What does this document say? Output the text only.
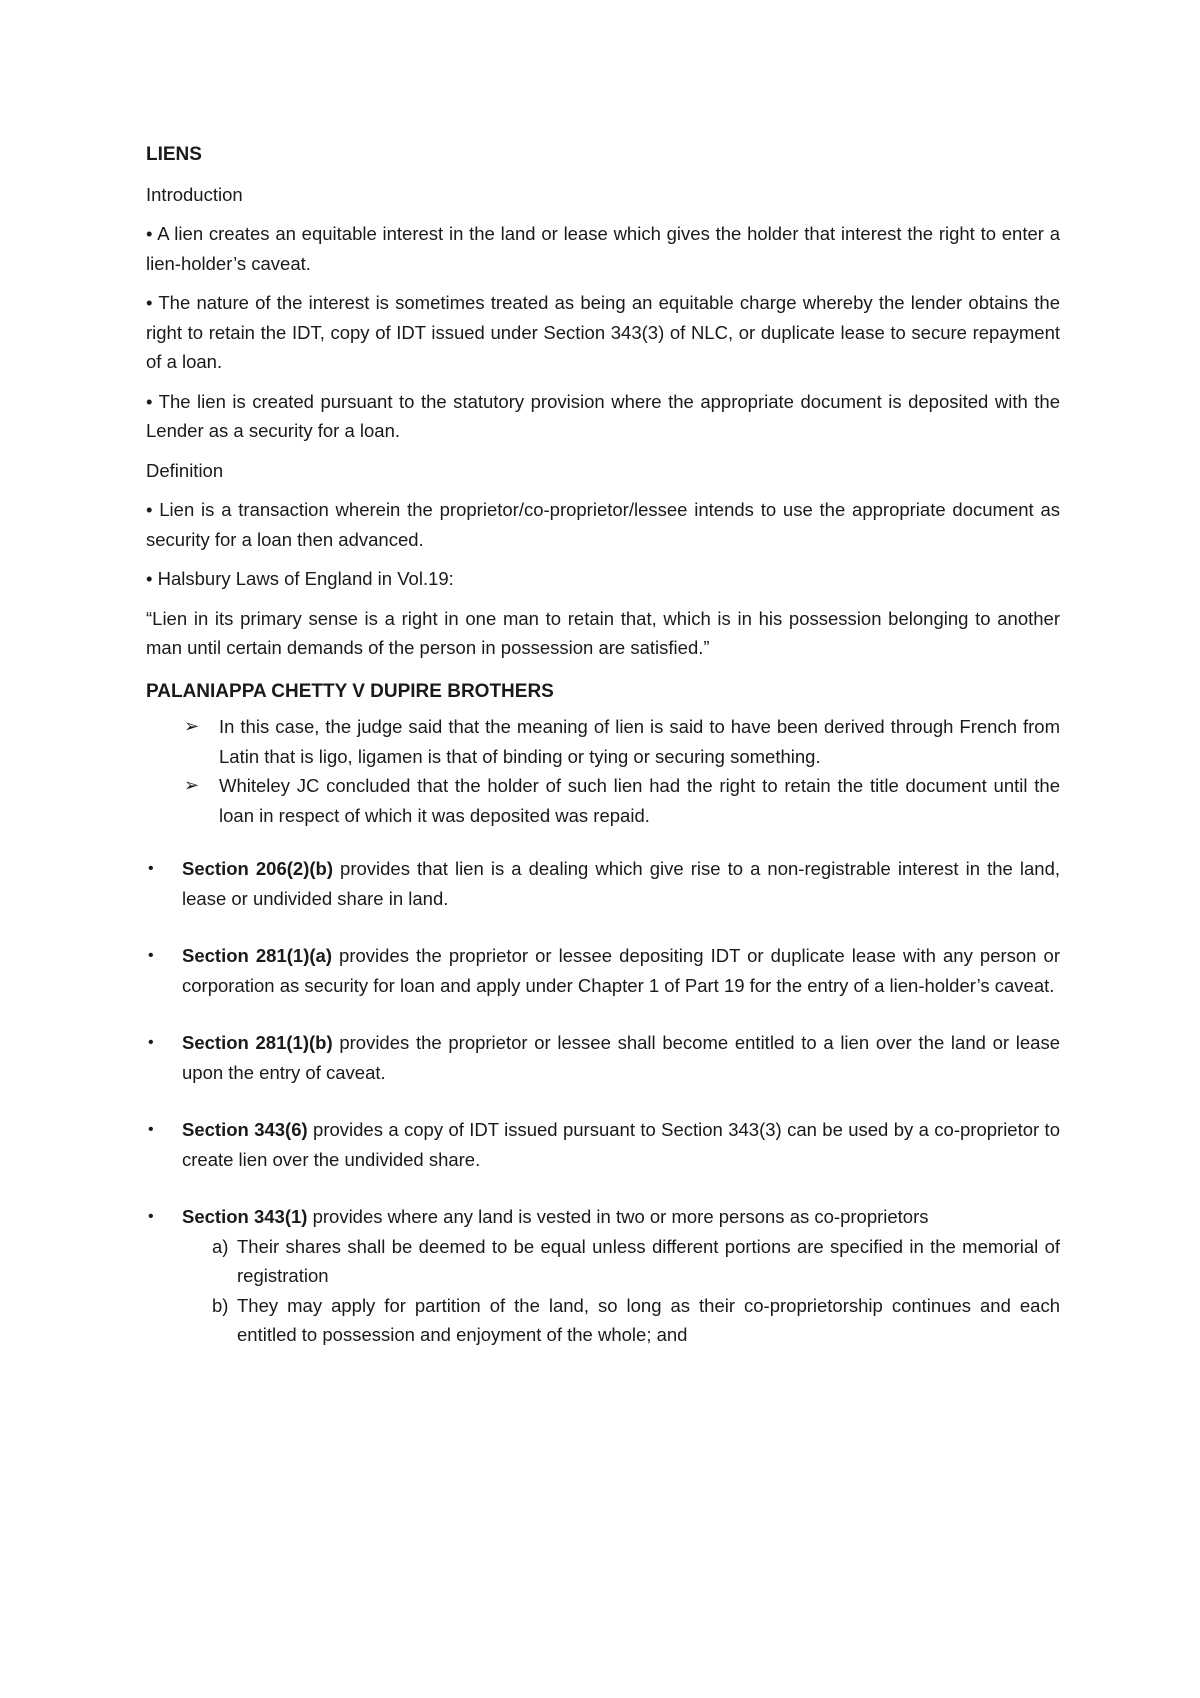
LIENS

Introduction

• A lien creates an equitable interest in the land or lease which gives the holder that interest the right to enter a lien-holder’s caveat.

• The nature of the interest is sometimes treated as being an equitable charge whereby the lender obtains the right to retain the IDT, copy of IDT issued under Section 343(3) of NLC, or duplicate lease to secure repayment of a loan.

• The lien is created pursuant to the statutory provision where the appropriate document is deposited with the Lender as a security for a loan.

Definition

• Lien is a transaction wherein the proprietor/co-proprietor/lessee intends to use the appropriate document as security for a loan then advanced.

• Halsbury Laws of England in Vol.19:

“Lien in its primary sense is a right in one man to retain that, which is in his possession belonging to another man until certain demands of the person in possession are satisfied.”

PALANIAPPA CHETTY V DUPIRE BROTHERS

➢ In this case, the judge said that the meaning of lien is said to have been derived through French from Latin that is ligo, ligamen is that of binding or tying or securing something.
➢ Whiteley JC concluded that the holder of such lien had the right to retain the title document until the loan in respect of which it was deposited was repaid.
• Section 206(2)(b) provides that lien is a dealing which give rise to a non-registrable interest in the land, lease or undivided share in land.
• Section 281(1)(a) provides the proprietor or lessee depositing IDT or duplicate lease with any person or corporation as security for loan and apply under Chapter 1 of Part 19 for the entry of a lien-holder’s caveat.
• Section 281(1)(b) provides the proprietor or lessee shall become entitled to a lien over the land or lease upon the entry of caveat.
• Section 343(6) provides a copy of IDT issued pursuant to Section 343(3) can be used by a co-proprietor to create lien over the undivided share.
• Section 343(1) provides where any land is vested in two or more persons as co-proprietors
a) Their shares shall be deemed to be equal unless different portions are specified in the memorial of registration
b) They may apply for partition of the land, so long as their co-proprietorship continues and each entitled to possession and enjoyment of the whole; and
